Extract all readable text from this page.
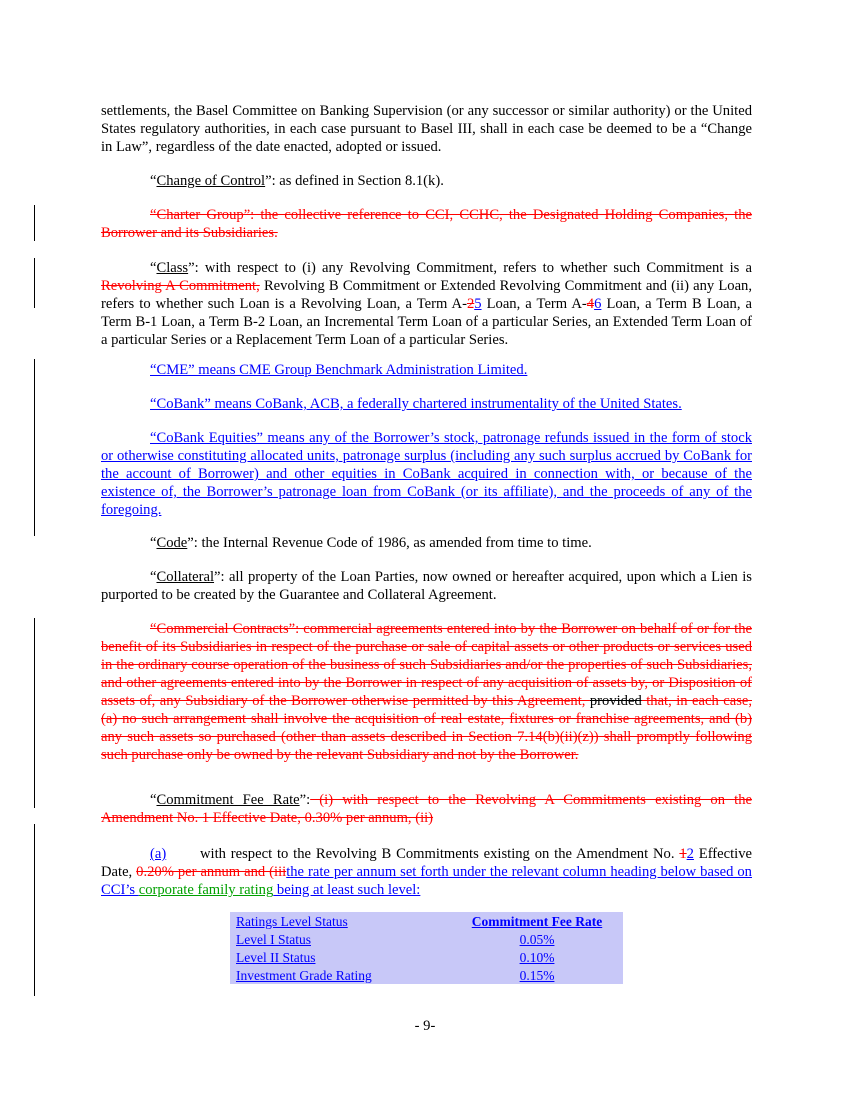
settlements, the Basel Committee on Banking Supervision (or any successor or similar authority) or the United States regulatory authorities, in each case pursuant to Basel III, shall in each case be deemed to be a “Change in Law”, regardless of the date enacted, adopted or issued.
“Change of Control”: as defined in Section 8.1(k).
“Charter Group”: the collective reference to CCI, CCHC, the Designated Holding Companies, the Borrower and its Subsidiaries.
“Class”: with respect to (i) any Revolving Commitment, refers to whether such Commitment is a Revolving A Commitment, Revolving B Commitment or Extended Revolving Commitment and (ii) any Loan, refers to whether such Loan is a Revolving Loan, a Term A-25 Loan, a Term A-46 Loan, a Term B Loan, a Term B-1 Loan, a Term B-2 Loan, an Incremental Term Loan of a particular Series, an Extended Term Loan of a particular Series or a Replacement Term Loan of a particular Series.
“CME” means CME Group Benchmark Administration Limited.
“CoBank” means CoBank, ACB, a federally chartered instrumentality of the United States.
“CoBank Equities” means any of the Borrower’s stock, patronage refunds issued in the form of stock or otherwise constituting allocated units, patronage surplus (including any such surplus accrued by CoBank for the account of Borrower) and other equities in CoBank acquired in connection with, or because of the existence of, the Borrower’s patronage loan from CoBank (or its affiliate), and the proceeds of any of the foregoing.
“Code”: the Internal Revenue Code of 1986, as amended from time to time.
“Collateral”: all property of the Loan Parties, now owned or hereafter acquired, upon which a Lien is purported to be created by the Guarantee and Collateral Agreement.
“Commercial Contracts”: commercial agreements entered into by the Borrower on behalf of or for the benefit of its Subsidiaries in respect of the purchase or sale of capital assets or other products or services used in the ordinary course operation of the business of such Subsidiaries and/or the properties of such Subsidiaries, and other agreements entered into by the Borrower in respect of any acquisition of assets by, or Disposition of assets of, any Subsidiary of the Borrower otherwise permitted by this Agreement, provided that, in each case, (a) no such arrangement shall involve the acquisition of real estate, fixtures or franchise agreements, and (b) any such assets so purchased (other than assets described in Section 7.14(b)(ii)(z)) shall promptly following such purchase only be owned by the relevant Subsidiary and not by the Borrower.
“Commitment Fee Rate”: (i) with respect to the Revolving A Commitments existing on the Amendment No. 1 Effective Date, 0.30% per annum, (ii)
(a) with respect to the Revolving B Commitments existing on the Amendment No. 12 Effective Date, 0.20% per annum and (iiithe rate per annum set forth under the relevant column heading below based on CCI’s corporate family rating being at least such level:
Ratings Level Status	Commitment Fee Rate
Level I Status	0.05%
Level II Status	0.10%
Investment Grade Rating	0.15%
- 9-
